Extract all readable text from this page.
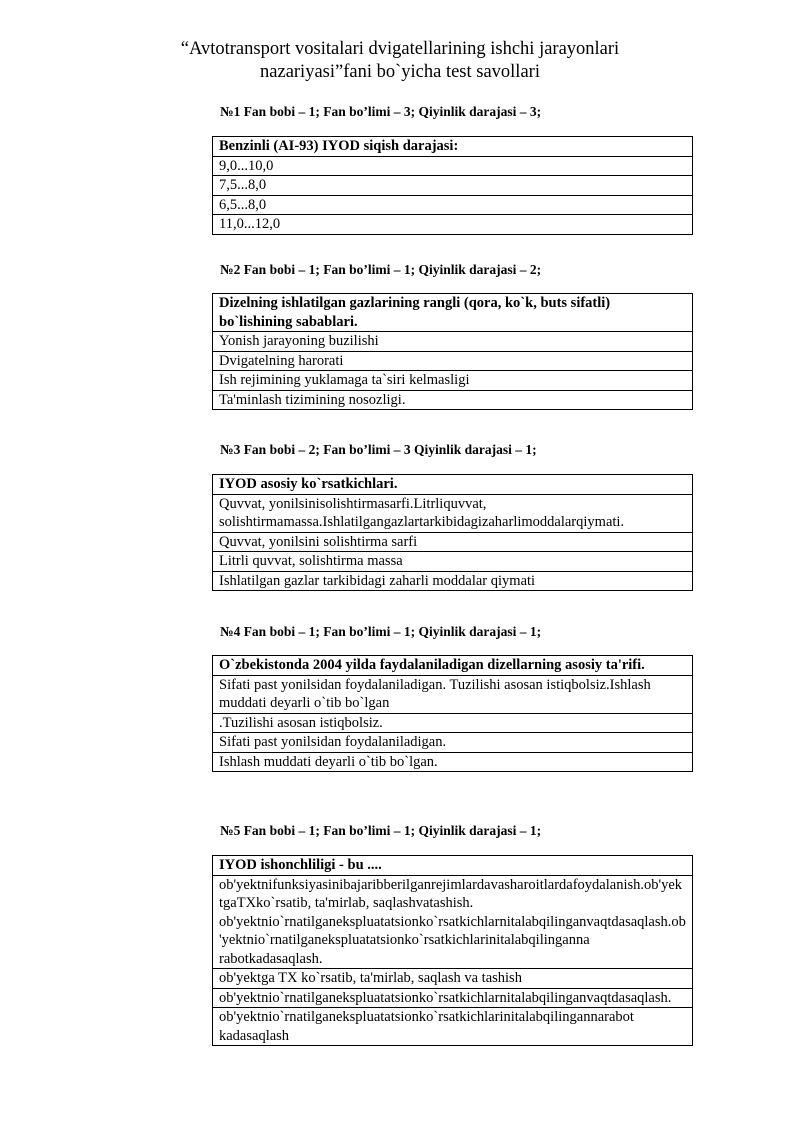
“Avtotransport vositalari dvigatellarining ishchi jarayonlari
nazariyasi”fani bo`yicha test savollari
№1 Fan bobi – 1; Fan bo’limi – 3; Qiyinlik darajasi – 3;
Benzinli (AI-93) IYOD siqish darajasi:
9,0...10,0
7,5...8,0
6,5...8,0
11,0...12,0
№2 Fan bobi – 1; Fan bo’limi – 1; Qiyinlik darajasi – 2;
Dizelning ishlatilgan gazlarining rangli (qora, ko`k, buts sifatli) bo`lishining sabablari.
Yonish jarayoning buzilishi
Dvigatelning harorati
Ish rejimining yuklamaga ta`siri kelmasligi
Ta'minlash tizimining nosozligi.
№3 Fan bobi – 2; Fan bo’limi – 3 Qiyinlik darajasi – 1;
IYOD asosiy ko`rsatkichlari.
Quvvat, yonilsinisolishtirmasarfi.Litrliquvvat, solishtirmamassa.Ishlatilgangazlartarkibidagizaharlimoddalarqiymati.
Quvvat, yonilsini solishtirma sarfi
Litrli quvvat, solishtirma massa
Ishlatilgan gazlar tarkibidagi zaharli moddalar qiymati
№4 Fan bobi – 1; Fan bo’limi – 1; Qiyinlik darajasi – 1;
O`zbekistonda 2004 yilda faydalaniladigan dizellarning asosiy ta'rifi.
Sifati past yonilsidan foydalaniladigan. Tuzilishi asosan istiqbolsiz.Ishlash muddati deyarli o`tib bo`lgan
.Tuzilishi asosan istiqbolsiz.
Sifati past yonilsidan foydalaniladigan.
Ishlash muddati deyarli o`tib bo`lgan.
№5 Fan bobi – 1; Fan bo’limi – 1; Qiyinlik darajasi – 1;
IYOD ishonchliligi - bu ....
ob'yektnifunksiyasinibajaribberilganrejimlardavasharoitlardafoydalanish.ob'yektgaTXko`rsatib, ta'mirlab, saqlashvatashish. ob'yektnio`rnatilganekspluatatsionko`rsatkichlarnitalabqilinganvaqtdasaqlash.ob'yektnio`rnatilganekspluatatsionko`rsatkichlarinitalabqilinganna rabotkadasaqlash.
ob'yektga TX ko`rsatib, ta'mirlab, saqlash va tashish
ob'yektnio`rnatilganekspluatatsionko`rsatkichlarnitalabqilinganvaqtdasaqlash.
ob'yektnio`rnatilganekspluatatsionko`rsatkichlarinitalabqilingannarabot kadasaqlash
